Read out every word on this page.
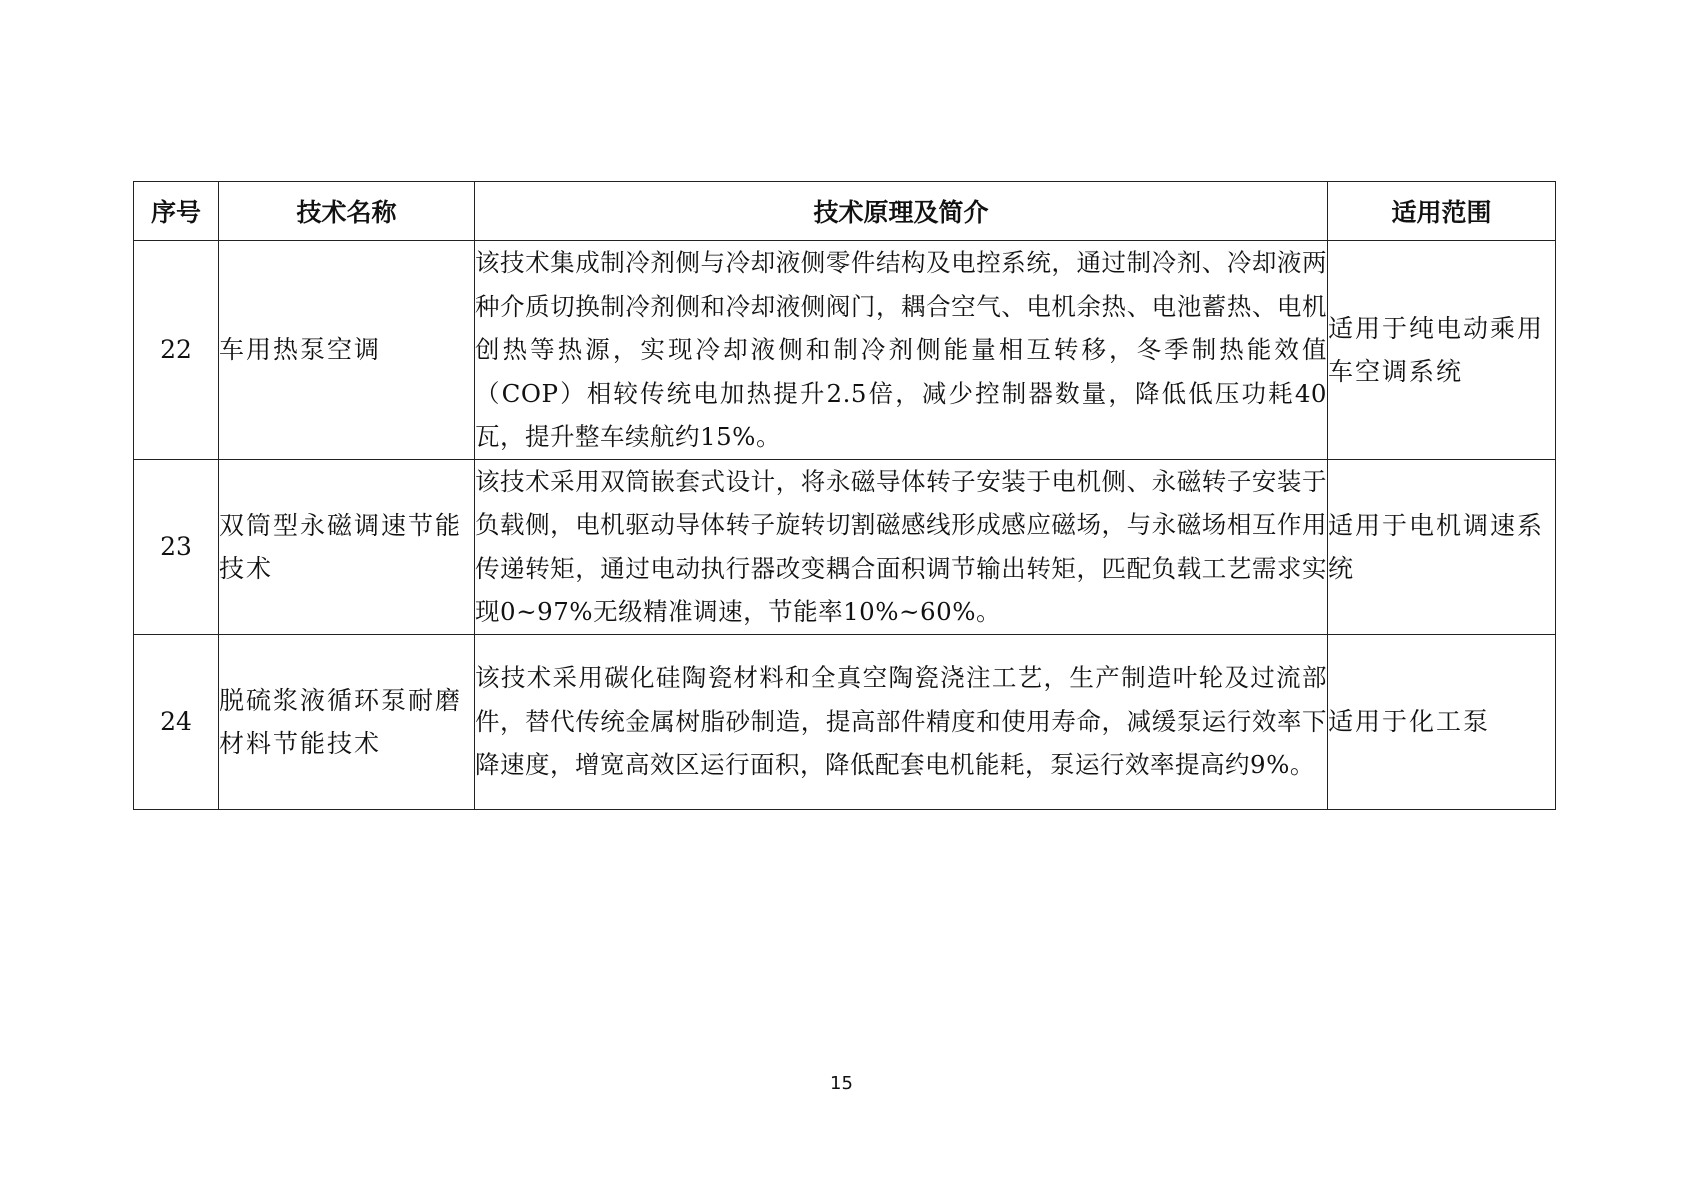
序号	技术名称	技术原理及简介	适用范围
22	车用热泵空调	该技术集成制冷剂侧与冷却液侧零件结构及电控系统，通过制冷剂、冷却液两种介质切换制冷剂侧和冷却液侧阀门，耦合空气、电机余热、电池蓄热、电机创热等热源，实现冷却液侧和制冷剂侧能量相互转移，冬季制热能效值（COP）相较传统电加热提升2.5倍，减少控制器数量，降低低压功耗40瓦，提升整车续航约15%。	适用于纯电动乘用车空调系统
23	双筒型永磁调速节能技术	该技术采用双筒嵌套式设计，将永磁导体转子安装于电机侧、永磁转子安装于负载侧，电机驱动导体转子旋转切割磁感线形成感应磁场，与永磁场相互作用传递转矩，通过电动执行器改变耦合面积调节输出转矩，匹配负载工艺需求实现0~97%无级精准调速，节能率10%~60%。	适用于电机调速系统
24	脱硫浆液循环泵耐磨材料节能技术	该技术采用碳化硅陶瓷材料和全真空陶瓷浇注工艺，生产制造叶轮及过流部件，替代传统金属树脂砂制造，提高部件精度和使用寿命，减缓泵运行效率下降速度，增宽高效区运行面积，降低配套电机能耗，泵运行效率提高约9%。	适用于化工泵
15
